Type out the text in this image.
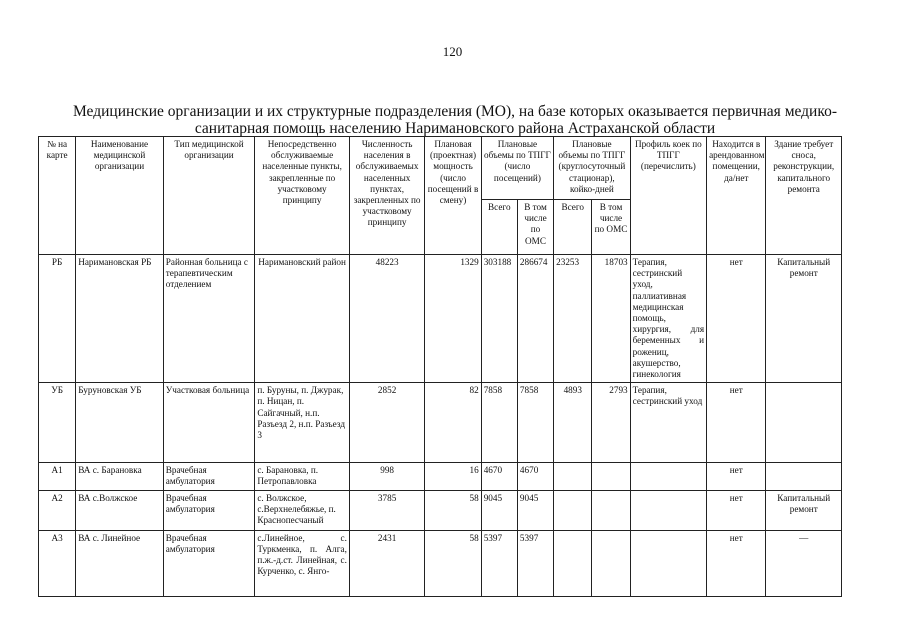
120
Медицинские организации и их структурные подразделения (МО), на базе которых оказывается первичная медико-
санитарная помощь населению Наримановского района Астраханской области
№ на карте	Наименование медицинской организации	Тип медицинской организации	Непосредственно обслуживаемые населенные пункты, закрепленные по участковому принципу	Численность населения в обслуживаемых населенных пунктах, закрепленных по участковому принципу	Плановая (проектная) мощность (число посещений в смену)	Плановые объемы по ТПГГ (число посещений)		Плановые объемы по ТПГГ (круглосуточный стационар), койко-дней		Профиль коек по ТПГГ (перечислить)	Находится в арендованном помещении, да/нет	Здание требует сноса, реконструкции, капитального ремонта
						Всего	В том числе по ОМС	Всего	В том числе по ОМС			
РБ	Наримановская РБ	Районная больница с терапевтическим отделением	Наримановский район	48223	1329	303188	286674	23253	18703	Терапия, сестринский уход, паллиативная медицинская помощь, хирургия, для беременных и рожениц, акушерство, гинекология	нет	Капитальный ремонт
УБ	Буруновская УБ	Участковая больница	п. Буруны, п. Джурак, п. Ницан, п. Сайгачный, н.п. Разъезд 2, н.п. Разъезд 3	2852	82	7858	7858	4893	2793	Терапия, сестринский уход	нет	
А1	ВА с. Барановка	Врачебная амбулатория	с. Барановка, п. Петропавловка	998	16	4670	4670				нет	
А2	ВА с.Волжское	Врачебная амбулатория	с. Волжское, с.Верхнелебяжье, п. Краснопесчаный	3785	58	9045	9045				нет	Капитальный ремонт
А3	ВА с. Линейное	Врачебная амбулатория	с.Линейное, с. Туркменка, п. Алга, п.ж.-д.ст. Линейная, с. Курченко, с. Янго-	2431	58	5397	5397				нет	—
